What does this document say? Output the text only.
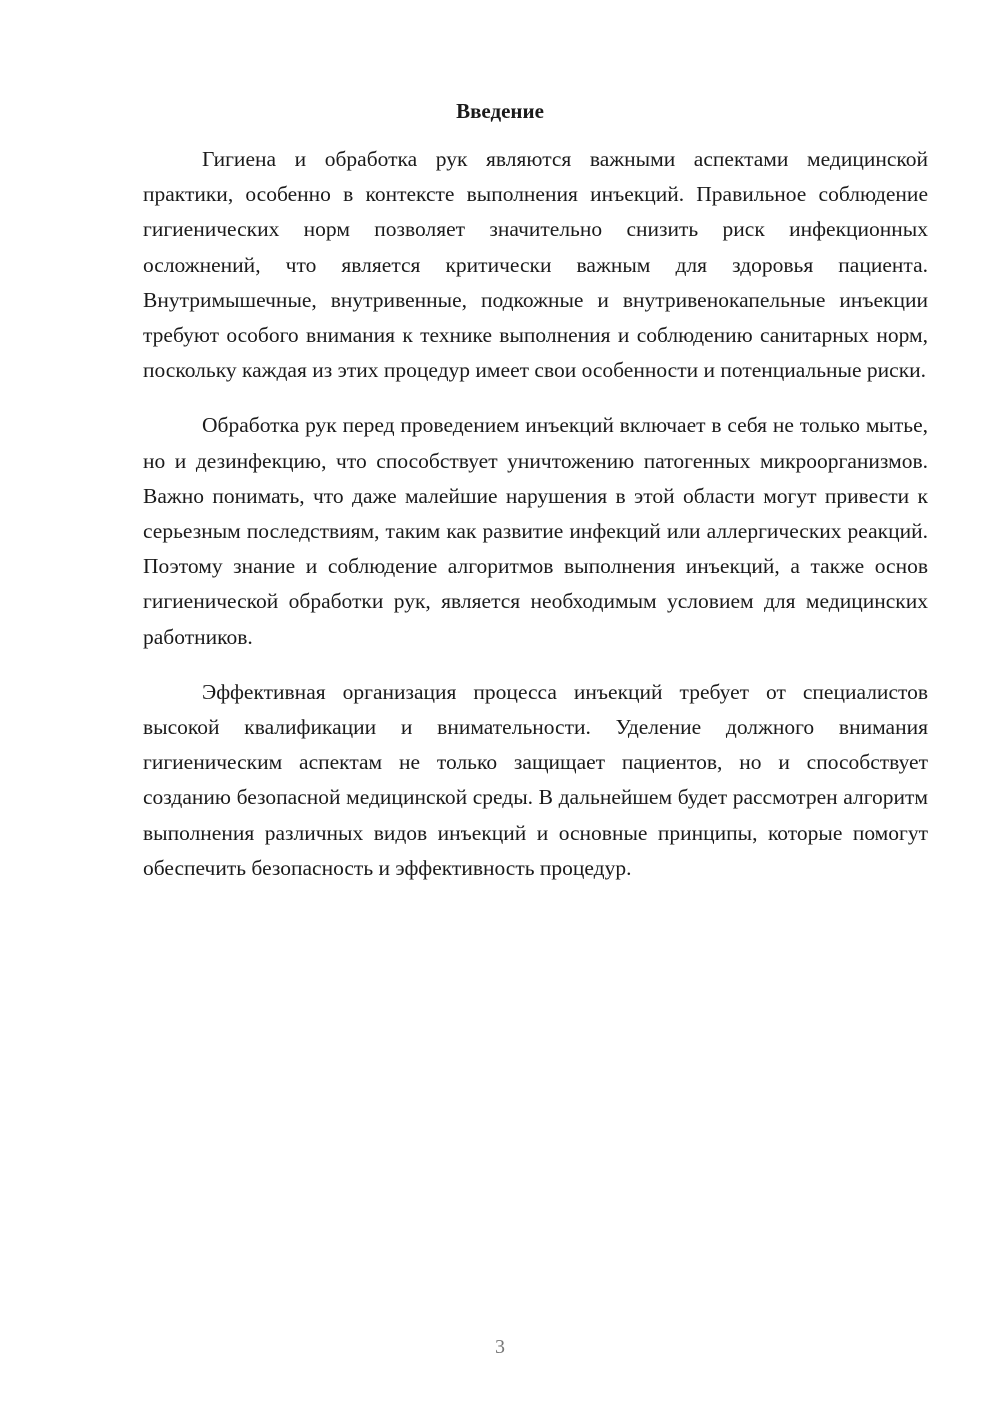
Введение

Гигиена и обработка рук являются важными аспектами медицинской практики, особенно в контексте выполнения инъекций. Правильное соблюдение гигиенических норм позволяет значительно снизить риск инфекционных осложнений, что является критически важным для здоровья пациента. Внутримышечные, внутривенные, подкожные и внутривенокапельные инъекции требуют особого внимания к технике выполнения и соблюдению санитарных норм, поскольку каждая из этих процедур имеет свои особенности и потенциальные риски.

Обработка рук перед проведением инъекций включает в себя не только мытье, но и дезинфекцию, что способствует уничтожению патогенных микроорганизмов. Важно понимать, что даже малейшие нарушения в этой области могут привести к серьезным последствиям, таким как развитие инфекций или аллергических реакций. Поэтому знание и соблюдение алгоритмов выполнения инъекций, а также основ гигиенической обработки рук, является необходимым условием для медицинских работников.

Эффективная организация процесса инъекций требует от специалистов высокой квалификации и внимательности. Уделение должного внимания гигиеническим аспектам не только защищает пациентов, но и способствует созданию безопасной медицинской среды. В дальнейшем будет рассмотрен алгоритм выполнения различных видов инъекций и основные принципы, которые помогут обеспечить безопасность и эффективность процедур.

3
